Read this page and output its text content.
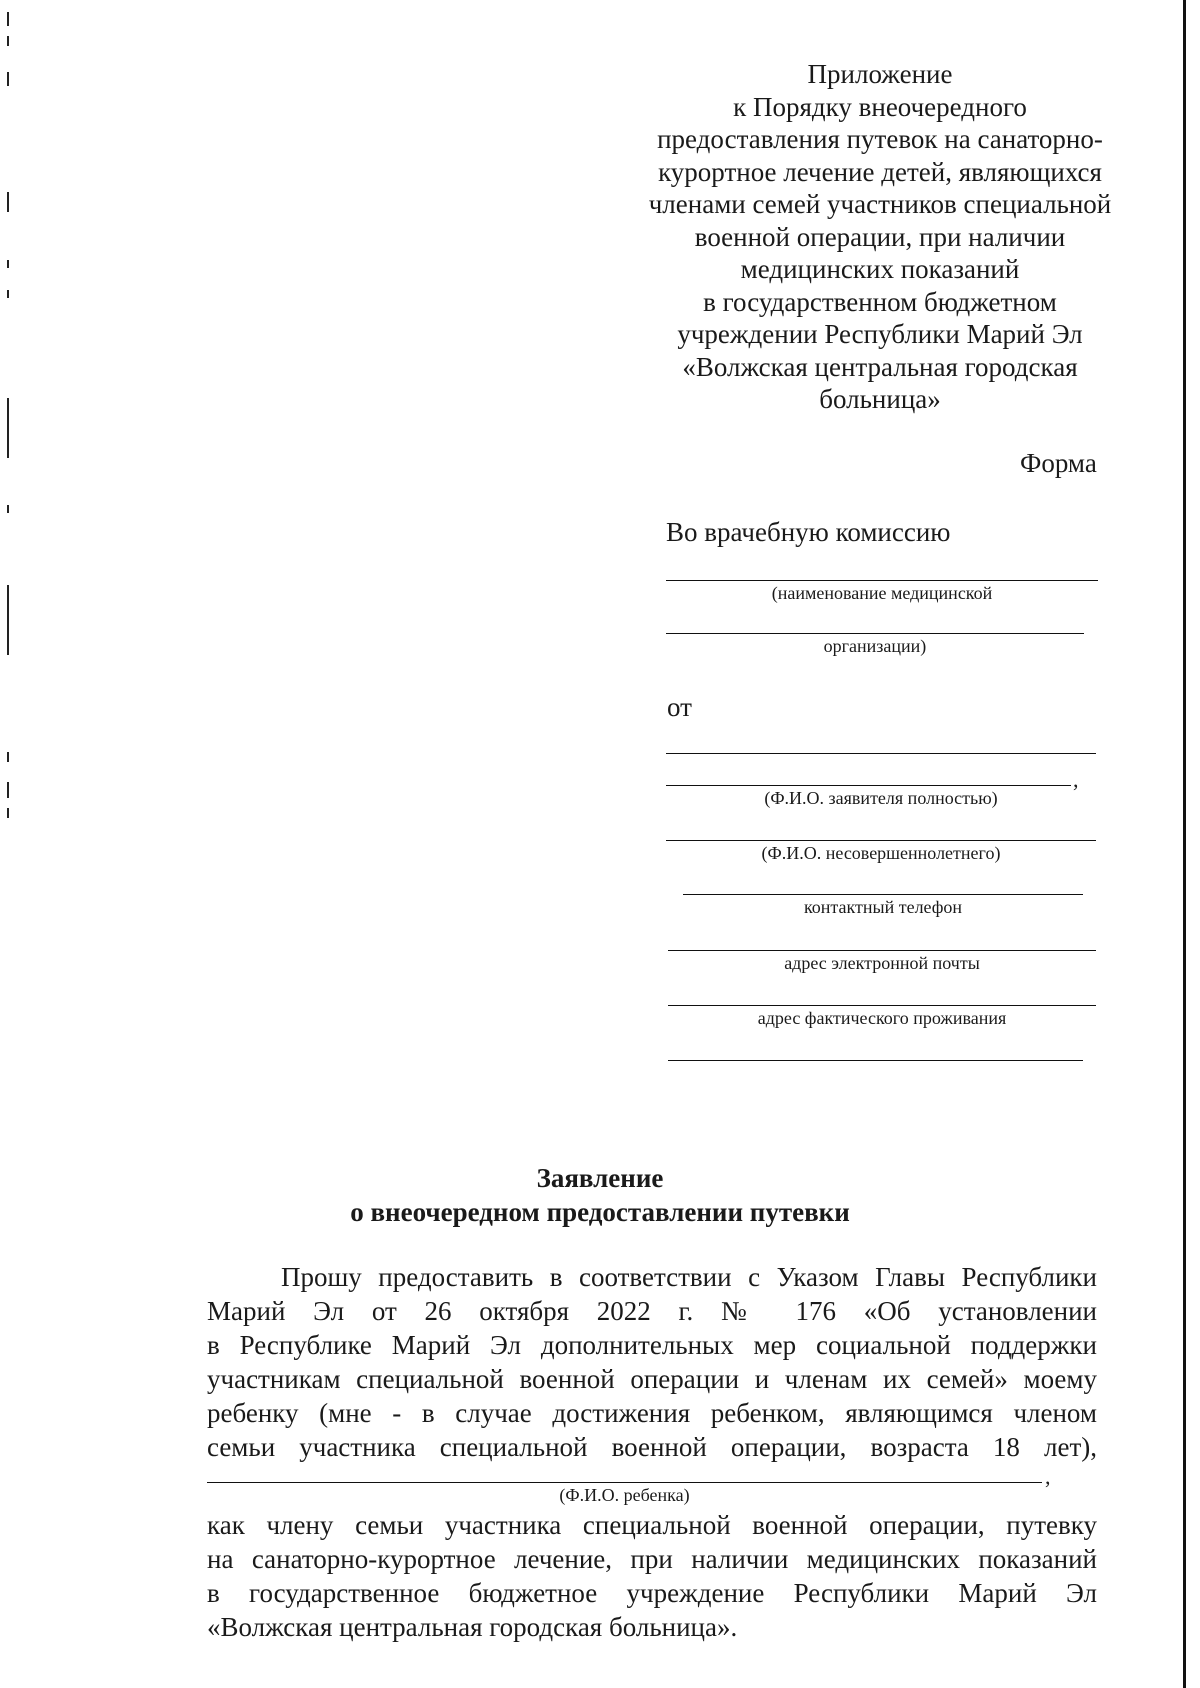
Приложение
к Порядку внеочередного
предоставления путевок на санаторно-
курортное лечение детей, являющихся
членами семей участников специальной
военной операции, при наличии
медицинских показаний
в государственном бюджетном
учреждении Республики Марий Эл
«Волжская центральная городская
больница»
Форма
Во врачебную комиссию
(наименование медицинской
организации)
от
,
(Ф.И.О. заявителя полностью)
(Ф.И.О. несовершеннолетнего)
контактный телефон
адрес электронной почты
адрес фактического проживания
Заявление
о внеочередном предоставлении путевки
Прошу предоставить в соответствии с Указом Главы Республики
Марий Эл от 26 октября 2022 г. № 176 «Об установлении
в Республике Марий Эл дополнительных мер социальной поддержки
участникам специальной военной операции и членам их семей» моему
ребенку (мне - в случае достижения ребенком, являющимся членом
семьи участника специальной военной операции, возраста 18 лет),
,
(Ф.И.О. ребенка)
как члену семьи участника специальной военной операции, путевку
на санаторно-курортное лечение, при наличии медицинских показаний
в государственное бюджетное учреждение Республики Марий Эл
«Волжская центральная городская больница».
